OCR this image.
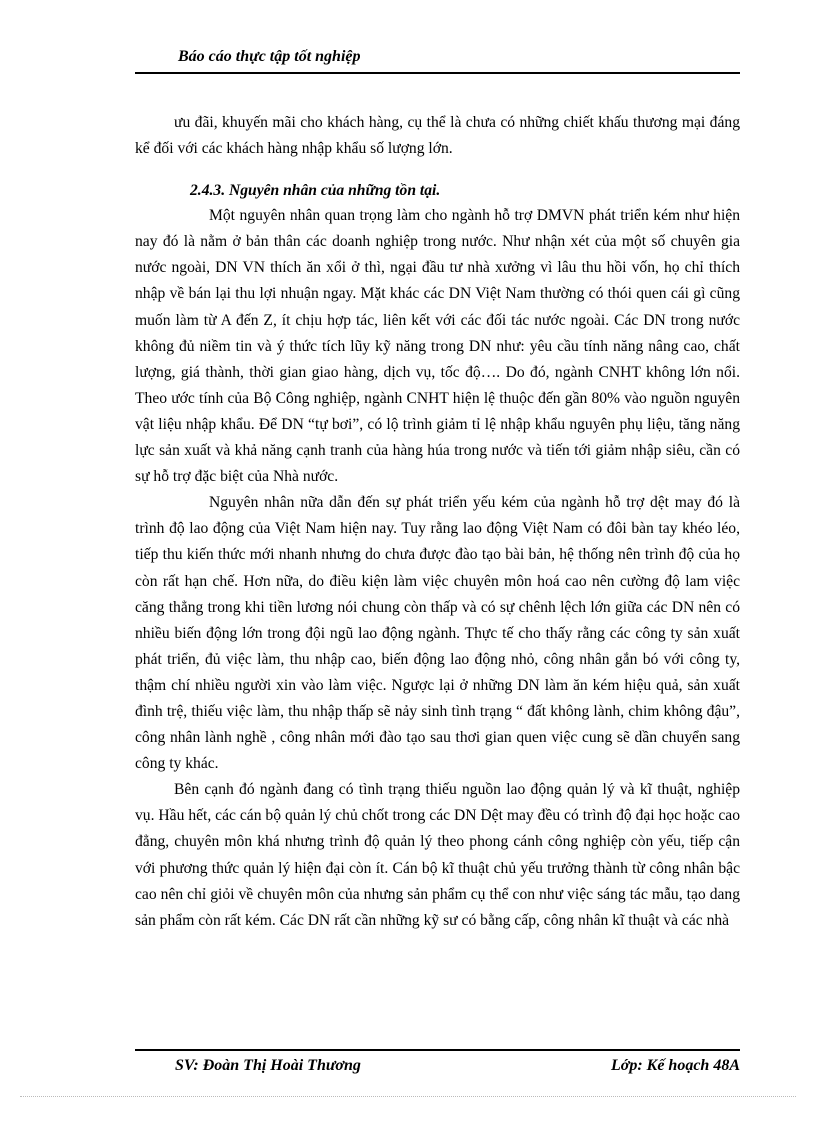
Báo cáo thực tập tốt nghiệp

ưu đãi, khuyến mãi cho khách hàng, cụ thể là chưa có những chiết khấu thương mại đáng kể đối với các khách hàng nhập khẩu số lượng lớn.

2.4.3. Nguyên nhân của những tồn tại.

Một nguyên nhân quan trọng làm cho ngành hỗ trợ DMVN phát triển kém như hiện nay đó là nằm ở bản thân các doanh nghiệp trong nước. Như nhận xét của một số chuyên gia nước ngoài, DN VN thích ăn xổi ở thì, ngại đầu tư nhà xưởng vì lâu thu hồi vốn, họ chỉ thích nhập về bán lại thu lợi nhuận ngay. Mặt khác các DN Việt Nam thường có thói quen cái gì cũng muốn làm từ A đến Z, ít chịu hợp tác, liên kết với các đối tác nước ngoài. Các DN trong nước không đủ niềm tin và ý thức tích lũy kỹ năng trong DN như: yêu cầu tính năng nâng cao, chất lượng, giá thành, thời gian giao hàng, dịch vụ, tốc độ…. Do đó, ngành CNHT không lớn nổi. Theo ước tính của Bộ Công nghiệp, ngành CNHT hiện lệ thuộc đến gần 80% vào nguồn nguyên vật liệu nhập khẩu. Để DN “tự bơi”, có lộ trình giảm tỉ lệ nhập khẩu nguyên phụ liệu, tăng năng lực sản xuất và khả năng cạnh tranh của hàng húa trong nước và tiến tới giảm nhập siêu, cần có sự hỗ trợ đặc biệt của Nhà nước.

Nguyên nhân nữa dẫn đến sự phát triển yếu kém của ngành hỗ trợ dệt may đó là trình độ lao động của Việt Nam hiện nay. Tuy rằng lao động Việt Nam có đôi bàn tay khéo léo, tiếp thu kiến thức mới nhanh nhưng do chưa được đào tạo bài bản, hệ thống nên trình độ của họ còn rất hạn chế. Hơn nữa, do điều kiện làm việc chuyên môn hoá cao nên cường độ lam việc căng thẳng trong khi tiền lương nói chung còn thấp và có sự chênh lệch lớn giữa các DN nên có nhiều biến động lớn trong đội ngũ lao động ngành. Thực tế cho thấy rằng các công ty sản xuất phát triển, đủ việc làm, thu nhập cao, biến động lao động nhỏ, công nhân gắn bó với công ty, thậm chí nhiều người xin vào làm việc. Ngược lại ở những DN làm ăn kém hiệu quả, sản xuất đình trệ, thiếu việc làm, thu nhập thấp sẽ nảy sinh tình trạng “ đất không lành, chim không đậu”, công nhân lành nghề , công nhân mới đào tạo sau thơi gian quen việc cung sẽ dần chuyển sang công ty khác.

Bên cạnh đó ngành đang có tình trạng thiếu nguồn lao động quản lý và kĩ thuật, nghiệp vụ. Hầu hết, các cán bộ quản lý chủ chốt trong các DN Dệt may đều có trình độ đại học hoặc cao đẳng, chuyên môn khá nhưng trình độ quản lý theo phong cánh công nghiệp còn yếu, tiếp cận với phương thức quản lý hiện đại còn ít. Cán bộ kĩ thuật chủ yếu trưởng thành từ công nhân bậc cao nên chỉ giỏi về chuyên môn của nhưng sản phẩm cụ thể con như việc sáng tác mẫu, tạo dang sản phẩm còn rất kém. Các DN rất cần những kỹ sư có bằng cấp, công nhân kĩ thuật và các nhà

SV: Đoàn Thị Hoài Thương	Lớp: Kế hoạch 48A
